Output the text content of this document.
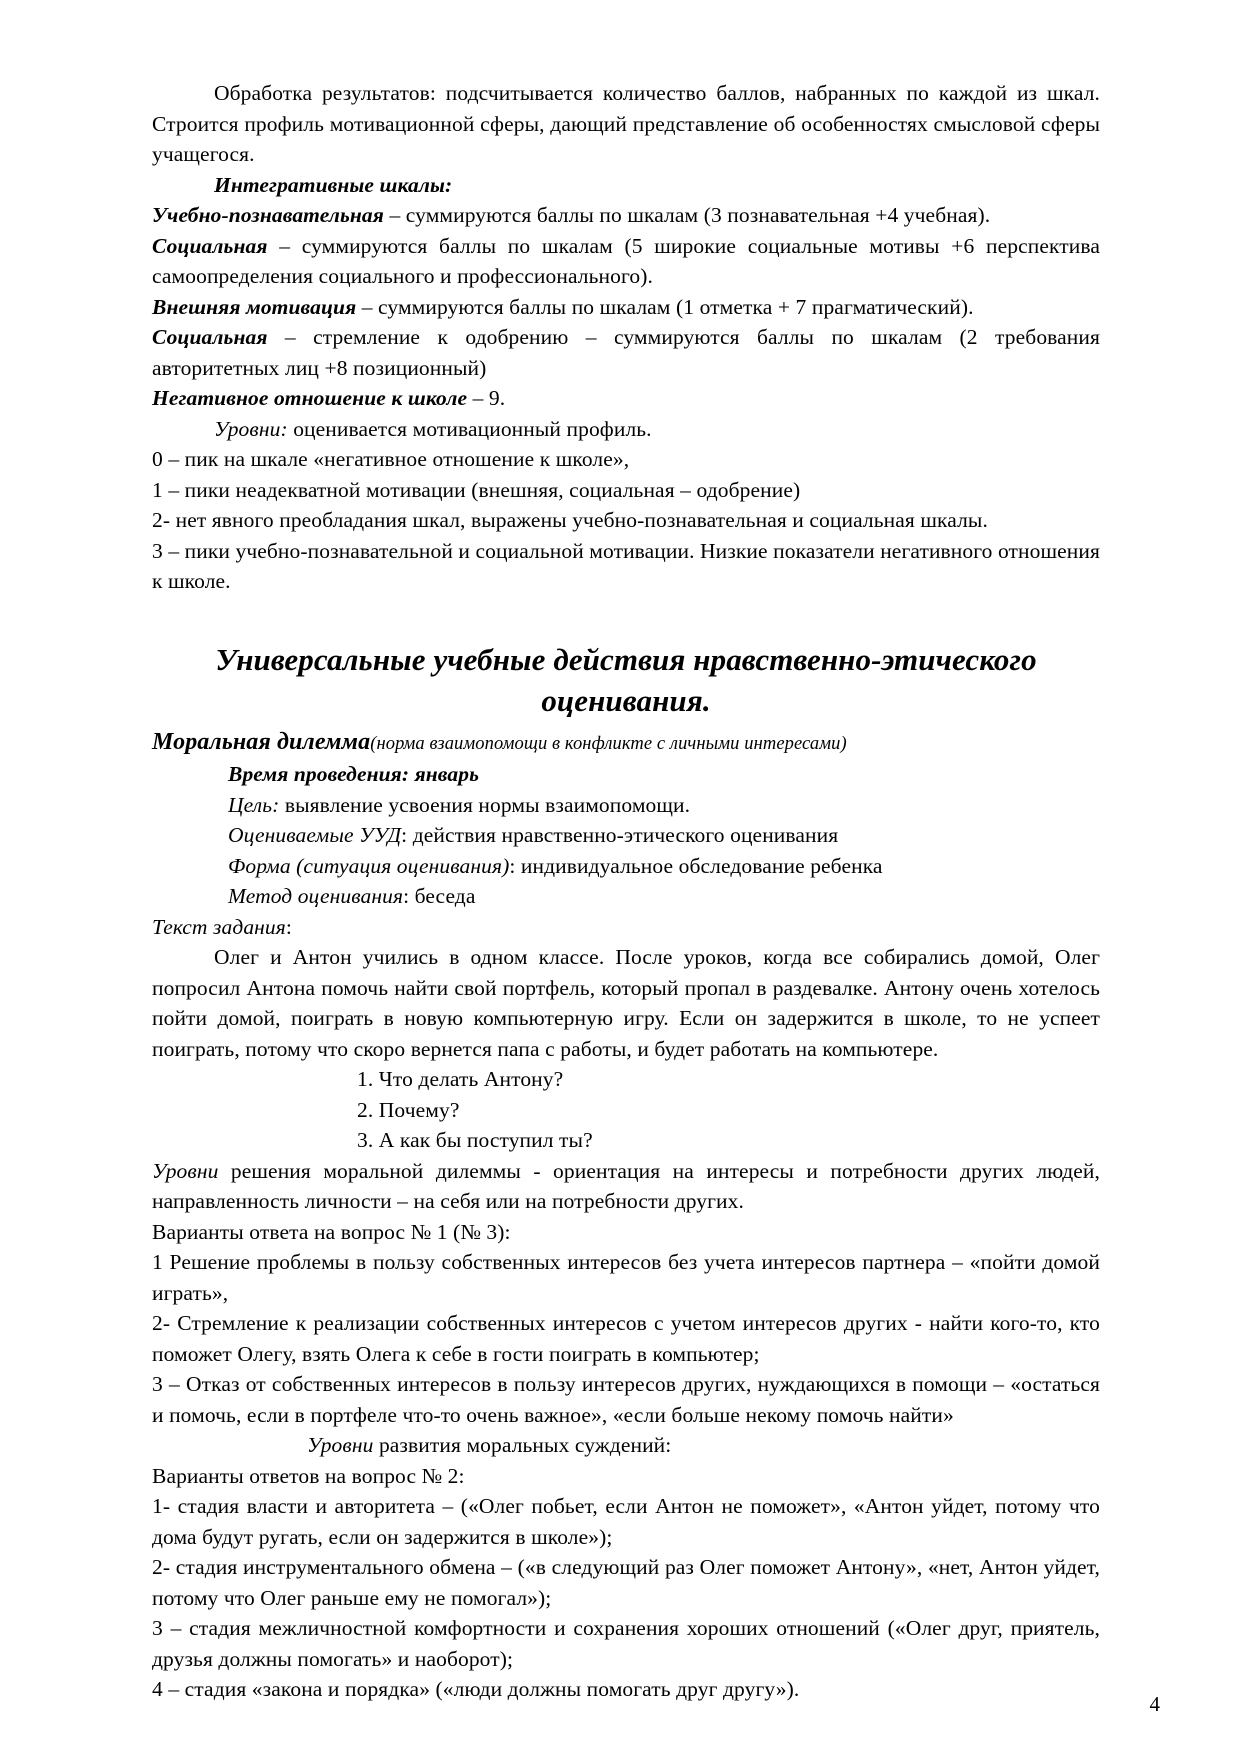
Обработка результатов: подсчитывается количество баллов, набранных по каждой из шкал. Строится профиль мотивационной сферы, дающий представление об особенностях смысловой сферы учащегося.

Интегративные шкалы:

Учебно-познавательная – суммируются баллы по шкалам (3 познавательная +4 учебная).

Социальная – суммируются баллы по шкалам (5 широкие социальные мотивы +6 перспектива самоопределения социального и профессионального).

Внешняя мотивация – суммируются баллы по шкалам (1 отметка + 7 прагматический).

Социальная – стремление к одобрению – суммируются баллы по шкалам (2 требования авторитетных лиц +8 позиционный)

Негативное отношение к школе – 9.

Уровни: оценивается мотивационный профиль.

0 – пик на шкале «негативное отношение к школе»,

1 – пики неадекватной мотивации (внешняя, социальная – одобрение)

2- нет явного преобладания шкал, выражены учебно-познавательная и социальная шкалы.

3 – пики учебно-познавательной и социальной мотивации. Низкие показатели негативного отношения к школе.

Универсальные учебные действия нравственно-этического оценивания.

Моральная дилемма(норма взаимопомощи в конфликте с личными интересами)

Время проведения: январь

Цель: выявление усвоения нормы взаимопомощи.

Оцениваемые УУД: действия нравственно-этического оценивания

Форма (ситуация оценивания): индивидуальное обследование ребенка

Метод оценивания: беседа

Текст задания:

Олег и Антон учились в одном классе. После уроков, когда все собирались домой, Олег попросил Антона помочь найти свой портфель, который пропал в раздевалке. Антону очень хотелось пойти домой, поиграть в новую компьютерную игру. Если он задержится в школе, то не успеет поиграть, потому что скоро вернется папа с работы, и будет работать на компьютере.

1. Что делать Антону?

2. Почему?

3. А как бы поступил ты?

Уровни решения моральной дилеммы - ориентация на интересы и потребности других людей, направленность личности – на себя или на потребности других.

Варианты ответа на вопрос № 1 (№ 3):

1 Решение проблемы в пользу собственных интересов без учета интересов партнера – «пойти домой играть»,

2- Стремление к реализации собственных интересов с учетом интересов других - найти кого-то, кто поможет Олегу, взять Олега к себе в гости поиграть в компьютер;

3 – Отказ от собственных интересов в пользу интересов других, нуждающихся в помощи – «остаться и помочь, если в портфеле что-то очень важное», «если больше некому помочь найти»

Уровни развития моральных суждений:

Варианты ответов на вопрос № 2:

1- стадия власти и авторитета – («Олег побьет, если Антон не поможет», «Антон уйдет, потому что дома будут ругать, если он задержится в школе»);

2- стадия инструментального обмена – («в следующий раз Олег поможет Антону», «нет, Антон уйдет, потому что Олег раньше ему не помогал»);

3 – стадия межличностной комфортности и сохранения хороших отношений («Олег друг, приятель, друзья должны помогать» и наоборот);

4 – стадия «закона и порядка» («люди должны помогать друг другу»).

4
